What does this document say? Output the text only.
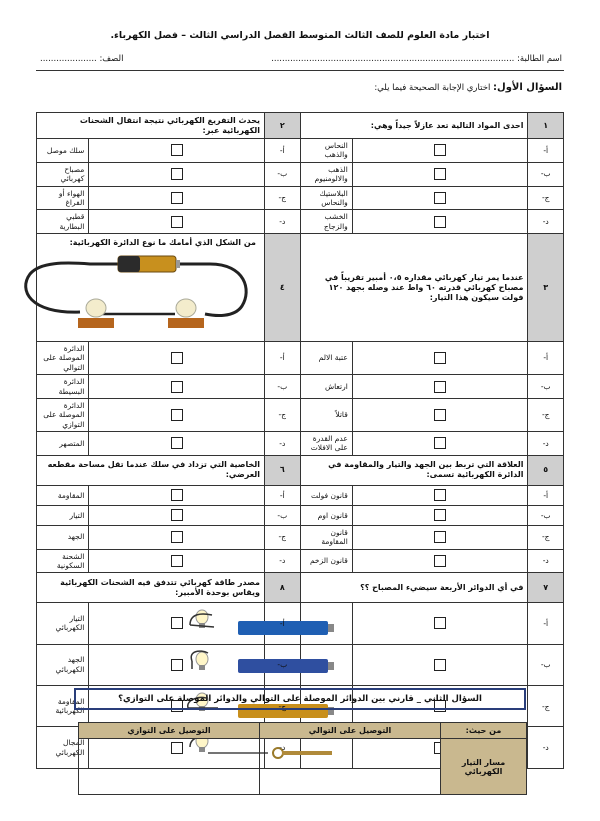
اختبار مادة العلوم للصف الثالث المتوسط الفصل الدراسي الثالث – فصل الكهرباء.
اسم الطالبة: ..........................................................................................
الصف: .....................
السؤال الأول: اختاري الإجابة الصحيحة فيما يلي:
١	احدى المواد التالية تعد عازلاً جيداً وهي:		٢	يحدث التفريغ الكهربائي نتيجة انتقال الشحنات الكهربائية عبر:	
أ-		النحاس والذهب	أ-		سلك موصل
ب-		الذهب والالومنيوم	ب-		مصباح كهربائي
ج-		البلاستيك والنحاس	ج-		الهواء أو الفراغ
د-		الخشب والزجاج	د-		قطبي البطارية
٣	عندما يمر تيار كهربائي مقداره ٠،٥ أمبير تقريباً في مصباح كهربائي قدرته ٦٠ واط عند وصله بجهد ١٢٠ فولت سيكون هذا التيار:		٤	من الشكل الذي أمامك ما نوع الدائرة الكهربائية:	

أ-		عتبة الالم	أ-		الدائرة الموصلة على التوالي
ب-		ارتعاش	ب-		الدائرة البسيطة
ج-		قاتلاً	ج-		الدائرة الموصلة على التوازي
د-		عدم القدرة على الافلات	د-		المتصهر
٥	العلاقة التي تربط بين الجهد والتيار والمقاومة في الدائرة الكهربائية تسمى:		٦	الخاصية التي تزداد في سلك عندما تقل مساحة مقطعه العرضي:	
أ-		قانون فولت	أ-		المقاومة
ب-		قانون اوم	ب-		التيار
ج-		قانون المقاومة	ج-		الجهد
د-		قانون الزخم	د-		الشحنة السكونية
٧	في أي الدوائر الأربعة سيضيء المصباح ؟؟		٨	مصدر طاقة كهربائي تتدفق فيه الشحنات الكهربائية ويقاس بوحدة الأمبير:	
أ-			أ-		التيار الكهربائي
ب-			ب-		الجهد الكهربائي
ج-			ج-		المقاومة الكهربائية
د-			د-		المجال الكهربائي
السؤال الثاني _ قارني بين الدوائر الموصلة على التوالي والدوائر الموصلة على التوازي؟
من حيث:	التوصيل على التوالي	التوصيل على التوازي
مسار التيار الكهربائي		
